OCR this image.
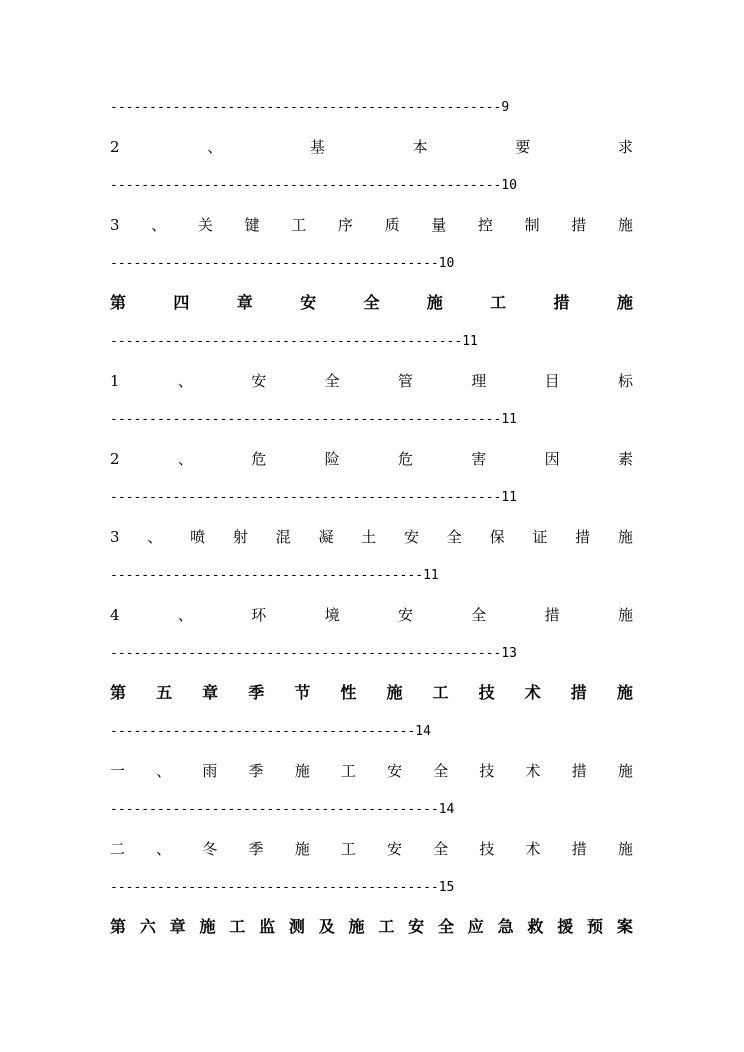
--------------------------------------------------9
2	、	基	本	要	求
--------------------------------------------------10
3 、 关 键 工 序 质 量 控 制 措 施
------------------------------------------10
第	四	章	安	全	施	工	措	施
---------------------------------------------11
1	、	安	全	管	理	目	标
--------------------------------------------------11
2	、	危	险	危	害	因	素
--------------------------------------------------11
3 、 喷 射 混 凝 土 安 全 保 证 措 施
----------------------------------------11
4	、	环	境	安	全	措	施
--------------------------------------------------13
第 五 章 季 节 性 施 工 技 术 措 施
---------------------------------------14
一 、 雨 季 施 工 安 全 技 术 措 施
------------------------------------------14
二 、 冬 季 施 工 安 全 技 术 措 施
------------------------------------------15
第 六 章 施 工 监 测 及 施 工 安 全 应 急 救 援 预 案
